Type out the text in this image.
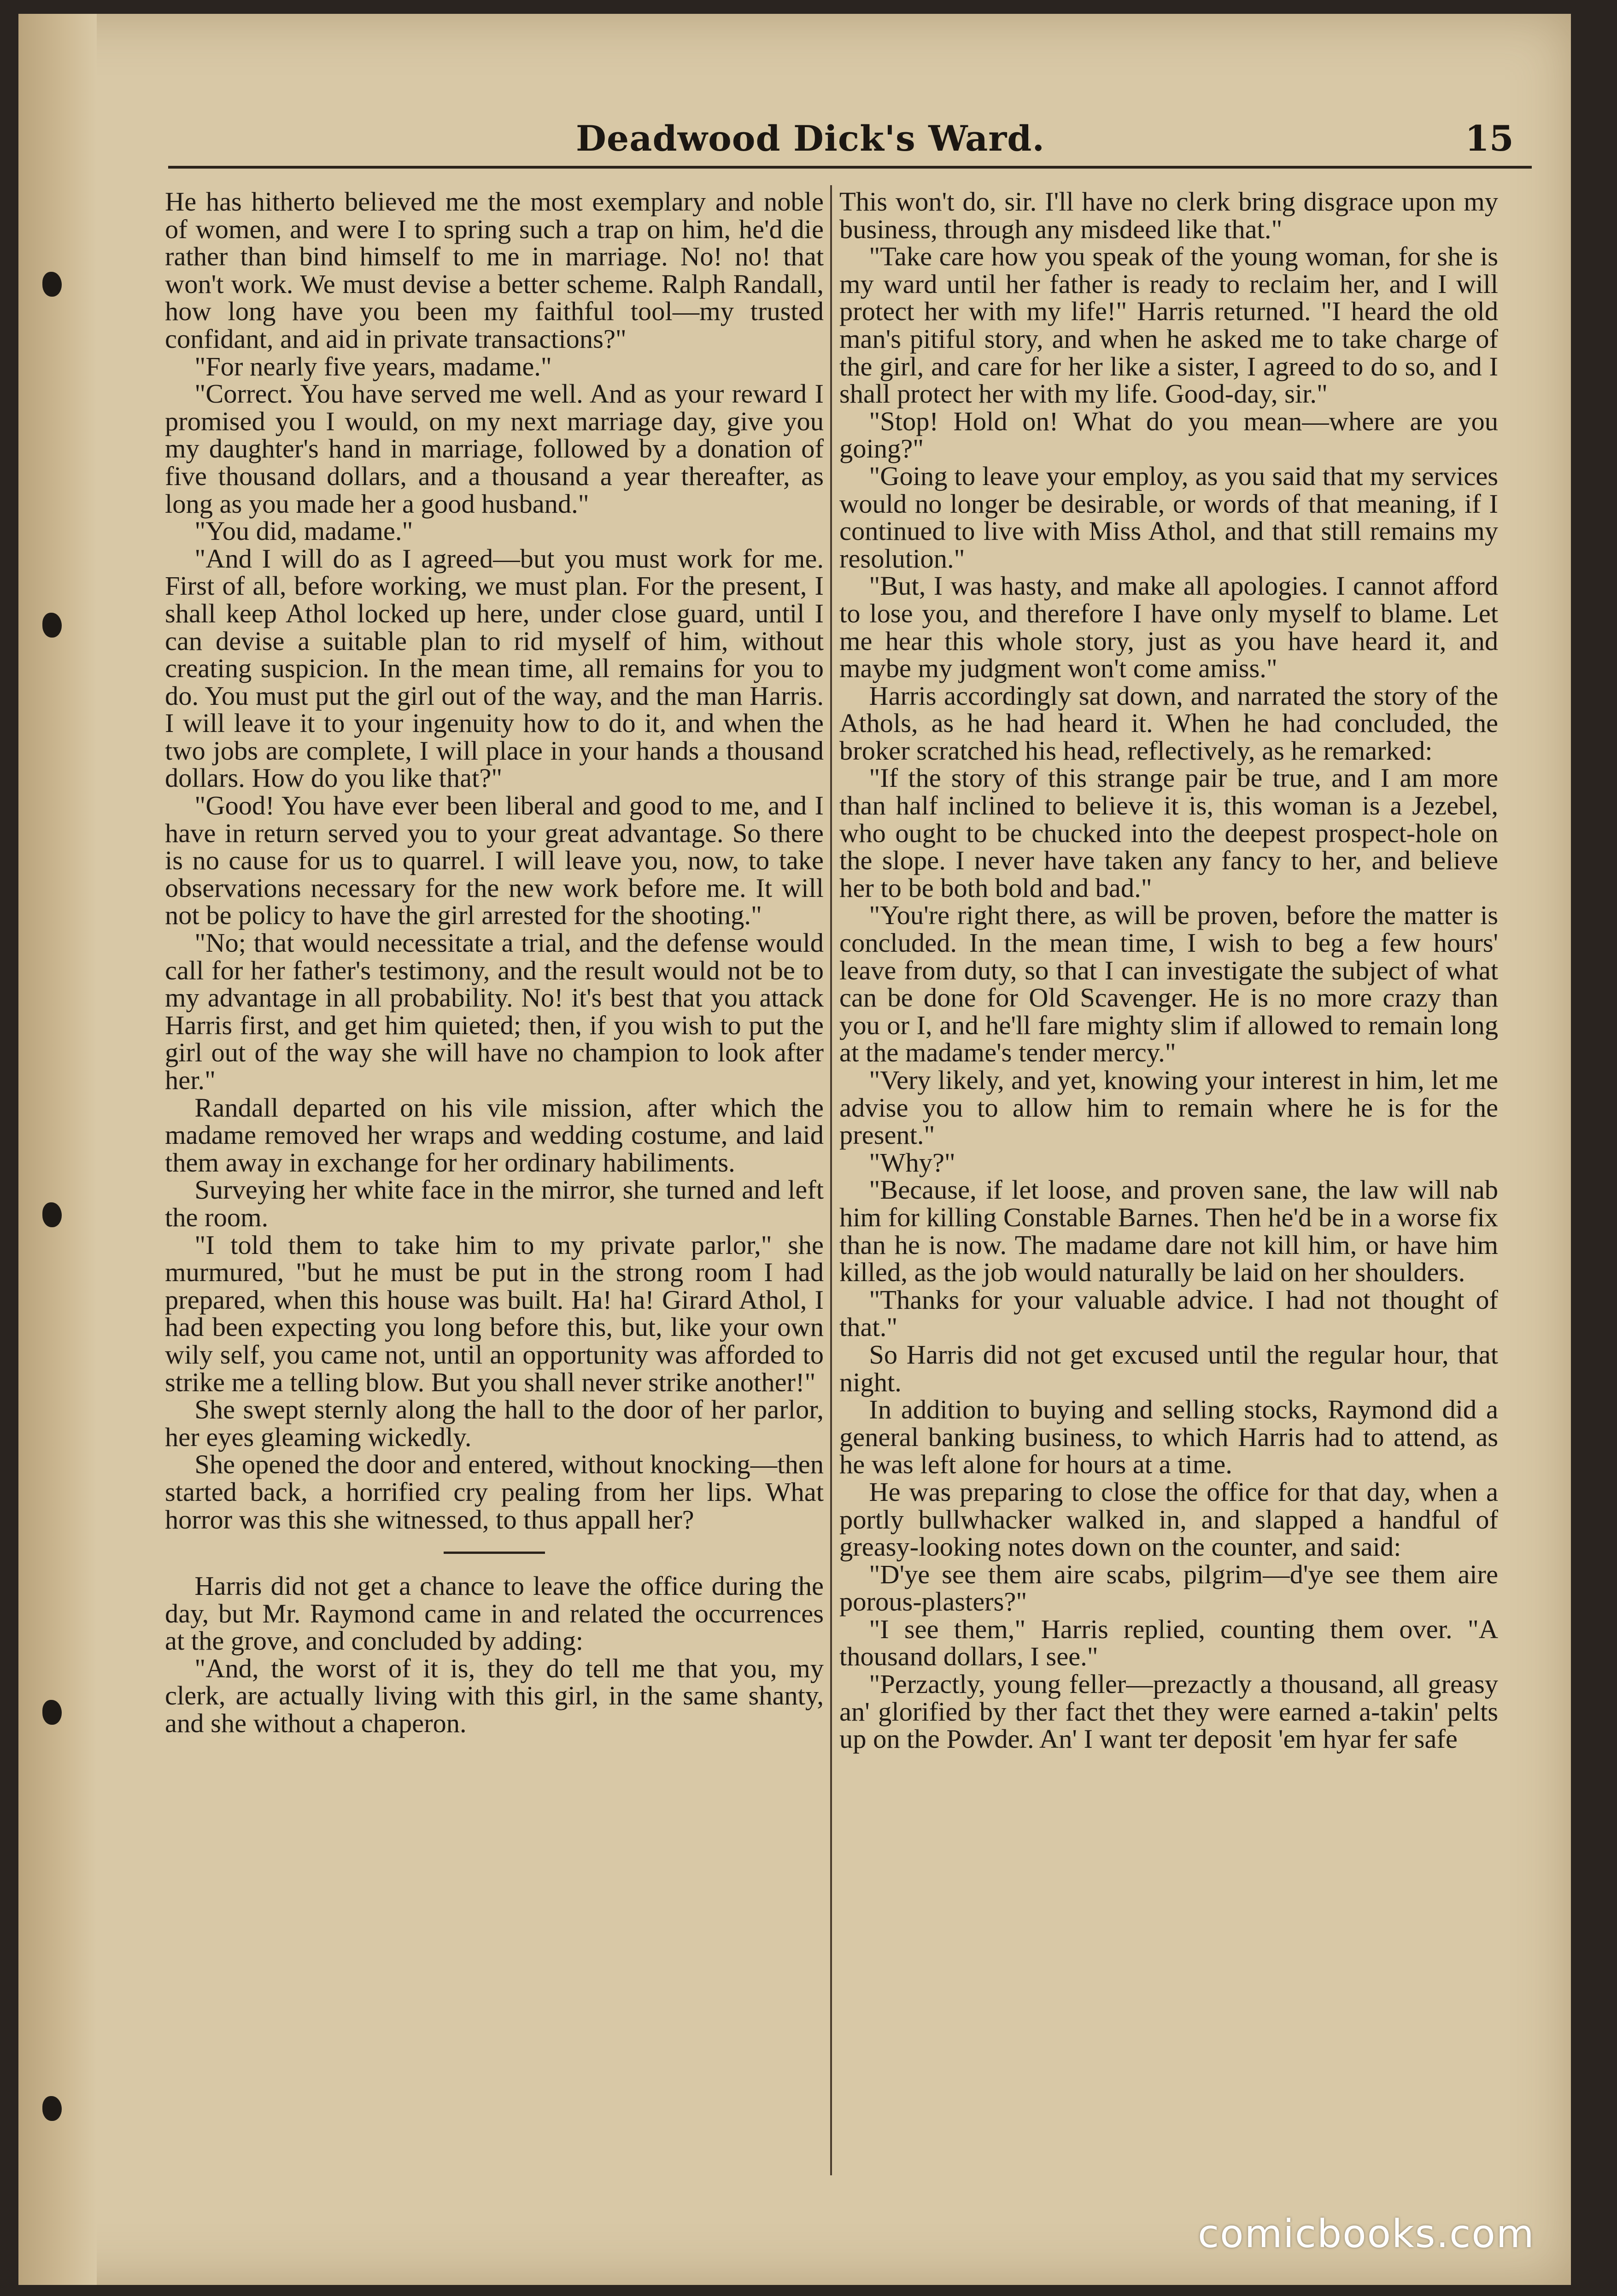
Deadwood Dick's Ward.	15

He has hitherto believed me the most exemplary and noble of women, and were I to spring such a trap on him, he'd die rather than bind himself to me in marriage. No! no! that won't work. We must devise a better scheme. Ralph Randall, how long have you been my faithful tool—my trusted confidant, and aid in private transactions?"

"For nearly five years, madame."

"Correct. You have served me well. And as your reward I promised you I would, on my next marriage day, give you my daughter's hand in marriage, followed by a donation of five thousand dollars, and a thousand a year thereafter, as long as you made her a good husband."

"You did, madame."

"And I will do as I agreed—but you must work for me. First of all, before working, we must plan. For the present, I shall keep Athol locked up here, under close guard, until I can devise a suitable plan to rid myself of him, without creating suspicion. In the mean time, all remains for you to do. You must put the girl out of the way, and the man Harris. I will leave it to your ingenuity how to do it, and when the two jobs are complete, I will place in your hands a thousand dollars. How do you like that?"

"Good! You have ever been liberal and good to me, and I have in return served you to your great advantage. So there is no cause for us to quarrel. I will leave you, now, to take observations necessary for the new work before me. It will not be policy to have the girl arrested for the shooting."

"No; that would necessitate a trial, and the defense would call for her father's testimony, and the result would not be to my advantage in all probability. No! it's best that you attack Harris first, and get him quieted; then, if you wish to put the girl out of the way she will have no champion to look after her."

Randall departed on his vile mission, after which the madame removed her wraps and wedding costume, and laid them away in exchange for her ordinary habiliments.

Surveying her white face in the mirror, she turned and left the room.

"I told them to take him to my private parlor," she murmured, "but he must be put in the strong room I had prepared, when this house was built. Ha! ha! Girard Athol, I had been expecting you long before this, but, like your own wily self, you came not, until an opportunity was afforded to strike me a telling blow. But you shall never strike another!"

She swept sternly along the hall to the door of her parlor, her eyes gleaming wickedly.

She opened the door and entered, without knocking—then started back, a horrified cry pealing from her lips. What horror was this she witnessed, to thus appall her?

Harris did not get a chance to leave the office during the day, but Mr. Raymond came in and related the occurrences at the grove, and concluded by adding:

"And, the worst of it is, they do tell me that you, my clerk, are actually living with this girl, in the same shanty, and she without a chaperon.

This won't do, sir. I'll have no clerk bring disgrace upon my business, through any misdeed like that."

"Take care how you speak of the young woman, for she is my ward until her father is ready to reclaim her, and I will protect her with my life!" Harris returned. "I heard the old man's pitiful story, and when he asked me to take charge of the girl, and care for her like a sister, I agreed to do so, and I shall protect her with my life. Good-day, sir."

"Stop! Hold on! What do you mean—where are you going?"

"Going to leave your employ, as you said that my services would no longer be desirable, or words of that meaning, if I continued to live with Miss Athol, and that still remains my resolution."

"But, I was hasty, and make all apologies. I cannot afford to lose you, and therefore I have only myself to blame. Let me hear this whole story, just as you have heard it, and maybe my judgment won't come amiss."

Harris accordingly sat down, and narrated the story of the Athols, as he had heard it. When he had concluded, the broker scratched his head, reflectively, as he remarked:

"If the story of this strange pair be true, and I am more than half inclined to believe it is, this woman is a Jezebel, who ought to be chucked into the deepest prospect-hole on the slope. I never have taken any fancy to her, and believe her to be both bold and bad."

"You're right there, as will be proven, before the matter is concluded. In the mean time, I wish to beg a few hours' leave from duty, so that I can investigate the subject of what can be done for Old Scavenger. He is no more crazy than you or I, and he'll fare mighty slim if allowed to remain long at the madame's tender mercy."

"Very likely, and yet, knowing your interest in him, let me advise you to allow him to remain where he is for the present."

"Why?"

"Because, if let loose, and proven sane, the law will nab him for killing Constable Barnes. Then he'd be in a worse fix than he is now. The madame dare not kill him, or have him killed, as the job would naturally be laid on her shoulders.

"Thanks for your valuable advice. I had not thought of that."

So Harris did not get excused until the regular hour, that night.

In addition to buying and selling stocks, Raymond did a general banking business, to which Harris had to attend, as he was left alone for hours at a time.

He was preparing to close the office for that day, when a portly bullwhacker walked in, and slapped a handful of greasy-looking notes down on the counter, and said:

"D'ye see them aire scabs, pilgrim—d'ye see them aire porous-plasters?"

"I see them," Harris replied, counting them over. "A thousand dollars, I see."

"Perzactly, young feller—prezactly a thousand, all greasy an' glorified by ther fact thet they were earned a-takin' pelts up on the Powder. An' I want ter deposit 'em hyar fer safe

comicbooks.com
